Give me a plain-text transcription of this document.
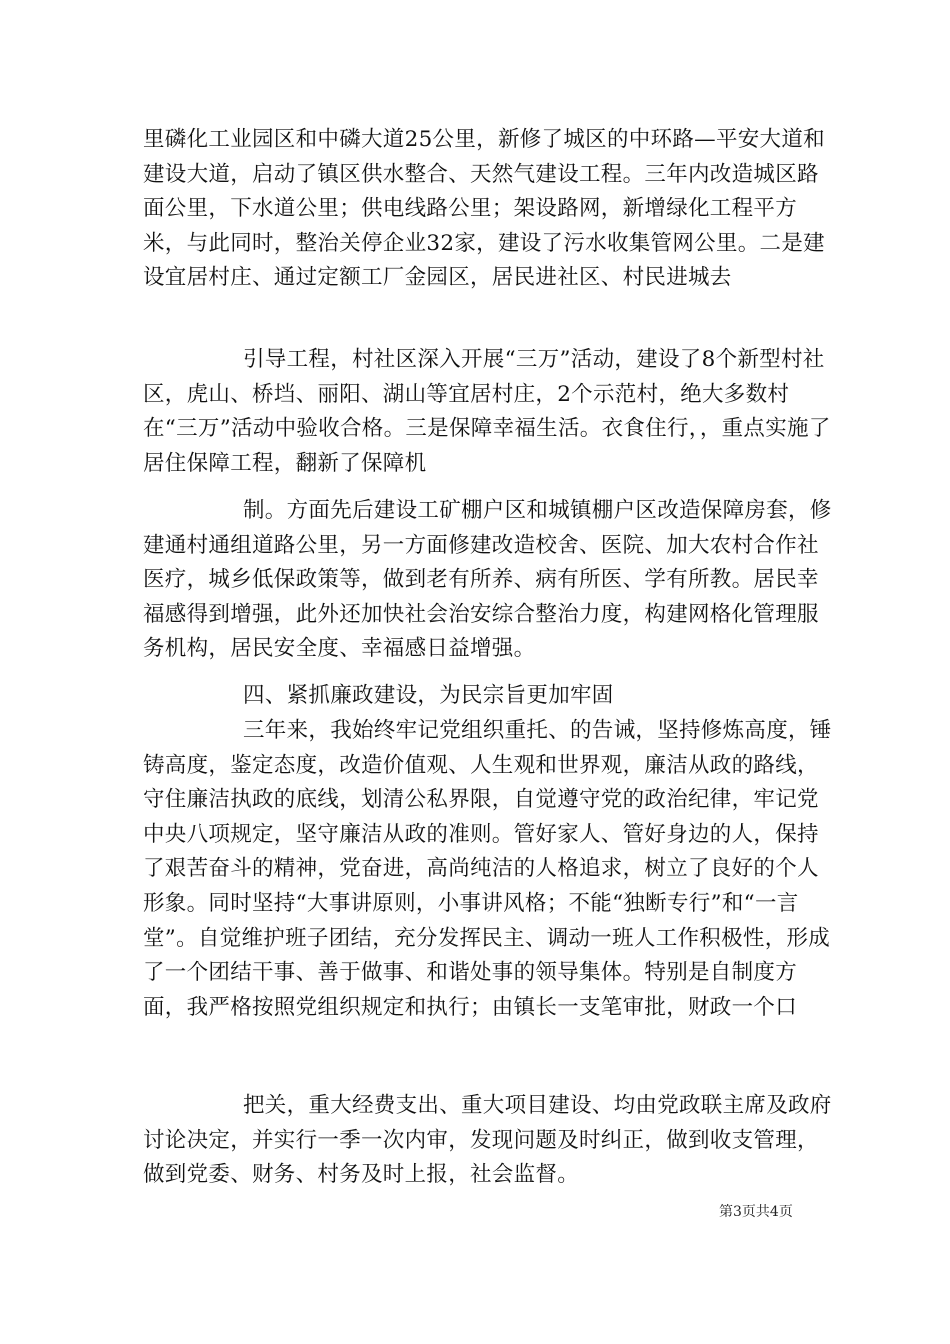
里磷化工业园区和中磷大道25公里，新修了城区的中环路—平安大道和建设大道，启动了镇区供水整合、天然气建设工程。三年内改造城区路面公里，下水道公里；供电线路公里；架设路网，新增绿化工程平方米，与此同时，整治关停企业32家，建设了污水收集管网公里。二是建设宜居村庄、通过定额工厂金园区，居民进社区、村民进城去

引导工程，村社区深入开展“三万”活动，建设了8个新型村社区，虎山、桥垱、丽阳、湖山等宜居村庄，2个示范村，绝大多数村在“三万”活动中验收合格。三是保障幸福生活。衣食住行，，重点实施了居住保障工程，翻新了保障机

制。方面先后建设工矿棚户区和城镇棚户区改造保障房套，修建通村通组道路公里，另一方面修建改造校舍、医院、加大农村合作社医疗，城乡低保政策等，做到老有所养、病有所医、学有所教。居民幸福感得到增强，此外还加快社会治安综合整治力度，构建网格化管理服务机构，居民安全度、幸福感日益增强。

四、紧抓廉政建设，为民宗旨更加牢固

三年来，我始终牢记党组织重托、的告诫，坚持修炼高度，锤铸高度，鉴定态度，改造价值观、人生观和世界观，廉洁从政的路线，守住廉洁执政的底线，划清公私界限，自觉遵守党的政治纪律，牢记党中央八项规定，坚守廉洁从政的准则。管好家人、管好身边的人，保持了艰苦奋斗的精神，党奋进，高尚纯洁的人格追求，树立了良好的个人形象。同时坚持“大事讲原则，小事讲风格；不能“独断专行”和“一言堂”。自觉维护班子团结，充分发挥民主、调动一班人工作积极性，形成了一个团结干事、善于做事、和谐处事的领导集体。特别是自制度方面，我严格按照党组织规定和执行；由镇长一支笔审批，财政一个口

把关，重大经费支出、重大项目建设、均由党政联主席及政府讨论决定，并实行一季一次内审，发现问题及时纠正，做到收支管理，做到党委、财务、村务及时上报，社会监督。

第3页共4页
